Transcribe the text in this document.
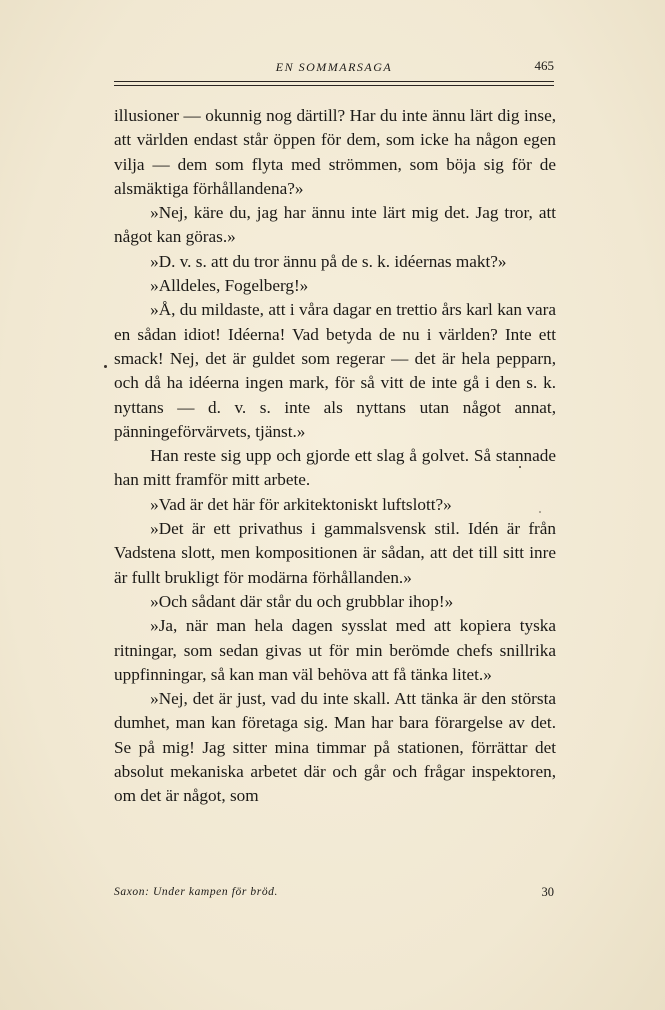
EN SOMMARSAGA	465

illusioner — okunnig nog därtill? Har du inte ännu lärt dig inse, att världen endast står öppen för dem, som icke ha någon egen vilja — dem som flyta med strömmen, som böja sig för de alsmäktiga förhållandena?»

»Nej, käre du, jag har ännu inte lärt mig det. Jag tror, att något kan göras.»

»D. v. s. att du tror ännu på de s. k. idéernas makt?»

»Alldeles, Fogelberg!»

»Å, du mildaste, att i våra dagar en trettio års karl kan vara en sådan idiot! Idéerna! Vad betyda de nu i världen? Inte ett smack! Nej, det är guldet som regerar — det är hela pepparn, och då ha idéerna ingen mark, för så vitt de inte gå i den s. k. nyttans — d. v. s. inte als nyttans utan något annat, pänningeförvärvets, tjänst.»

Han reste sig upp och gjorde ett slag å golvet. Så stannade han mitt framför mitt arbete.

»Vad är det här för arkitektoniskt luftslott?»

»Det är ett privathus i gammalsvensk stil. Idén är från Vadstena slott, men kompositionen är sådan, att det till sitt inre är fullt brukligt för modärna förhållanden.»

»Och sådant där står du och grubblar ihop!»

»Ja, när man hela dagen sysslat med att kopiera tyska ritningar, som sedan givas ut för min berömde chefs snillrika uppfinningar, så kan man väl behöva att få tänka litet.»

»Nej, det är just, vad du inte skall. Att tänka är den största dumhet, man kan företaga sig. Man har bara förargelse av det. Se på mig! Jag sitter mina timmar på stationen, förrättar det absolut mekaniska arbetet där och går och frågar inspektoren, om det är något, som

Saxon: Under kampen för bröd.	30
